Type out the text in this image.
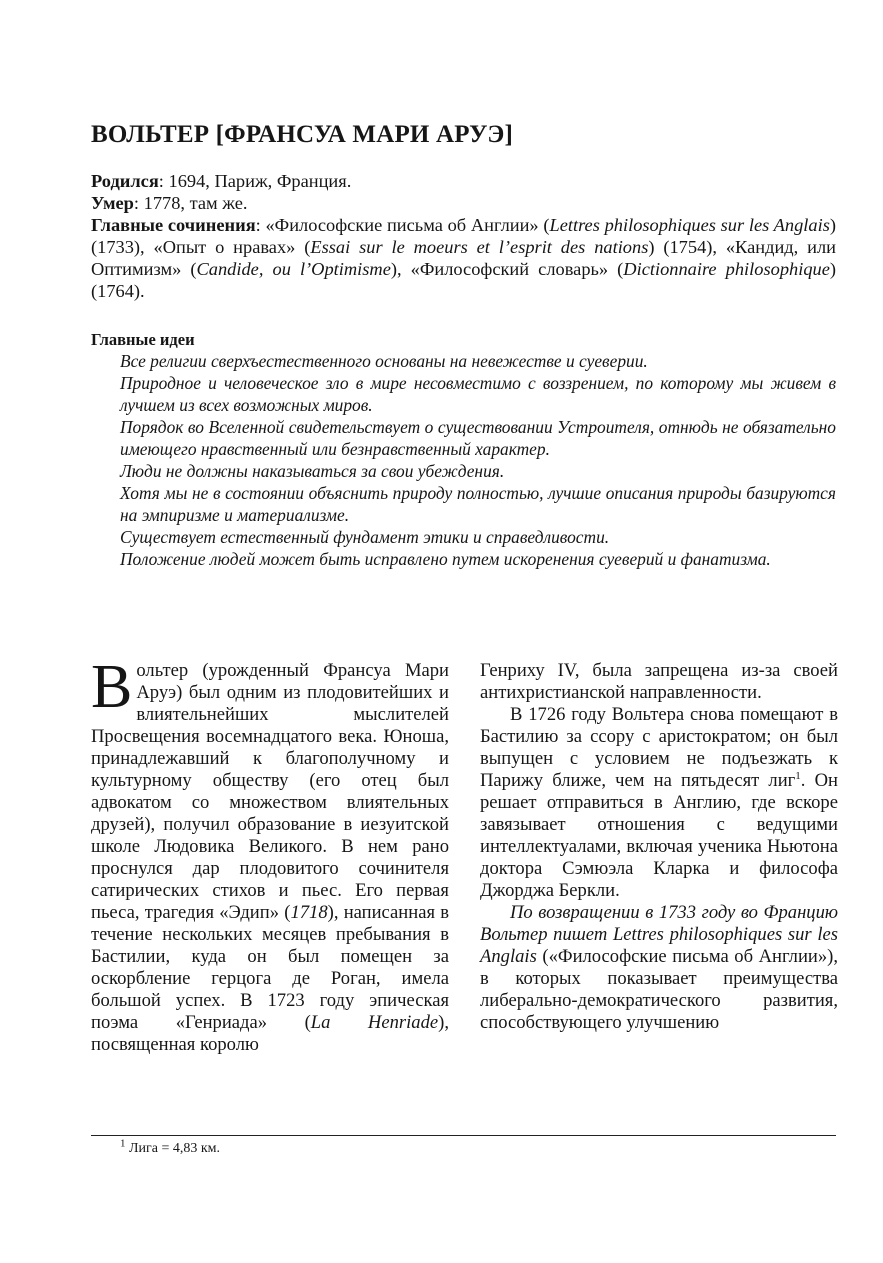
ВОЛЬТЕР [ФРАНСУА МАРИ АРУЭ]

Родился: 1694, Париж, Франция.

Умер: 1778, там же.

Главные сочинения: «Философские письма об Англии» (Lettres philosophiques sur les Anglais) (1733), «Опыт о нравах» (Essai sur le moeurs et l’esprit des nations) (1754), «Кандид, или Оптимизм» (Candide, ou l’Optimisme), «Философский словарь» (Dictionnaire philosophique) (1764).

Главные идеи
Все религии сверхъестественного основаны на невежестве и суеверии.
Природное и человеческое зло в мире несовместимо с воззрением, по которому мы живем в лучшем из всех возможных миров.
Порядок во Вселенной свидетельствует о существовании Устроителя, отнюдь не обязательно имеющего нравственный или безнравственный характер.
Люди не должны наказываться за свои убеждения.
Хотя мы не в состоянии объяснить природу полностью, лучшие описания природы базируются на эмпиризме и материализме.
Существует естественный фундамент этики и справедливости.
Положение людей может быть исправлено путем искоренения суеверий и фанатизма.

Вольтер (урожденный Франсуа Мари Аруэ) был одним из плодовитейших и влиятельнейших мыслителей Просвещения восемнадцатого века. Юноша, принадлежавший к благополучному и культурному обществу (его отец был адвокатом со множеством влиятельных друзей), получил образование в иезуитской школе Людовика Великого. В нем рано проснулся дар плодовитого сочинителя сатирических стихов и пьес. Его первая пьеса, трагедия «Эдип» (1718), написанная в течение нескольких месяцев пребывания в Бастилии, куда он был помещен за оскорбление герцога де Роган, имела большой успех. В 1723 году эпическая поэма «Генриада» (La Henriade), посвященная королю

Генриху IV, была запрещена из-за своей антихристианской направленности.

В 1726 году Вольтера снова помещают в Бастилию за ссору с аристократом; он был выпущен с условием не подъезжать к Парижу ближе, чем на пятьдесят лиг$^1$. Он решает отправиться в Англию, где вскоре завязывает отношения с ведущими интеллектуалами, включая ученика Ньютона доктора Сэмюэла Кларка и философа Джорджа Беркли.

По возвращении в 1733 году во Францию Вольтер пишет Lettres philosophiques sur les Anglais («Философские письма об Англии»), в которых показывает преимущества либерально-демократического развития, способствующего улучшению

$^1$ Лига = 4,83 км.
